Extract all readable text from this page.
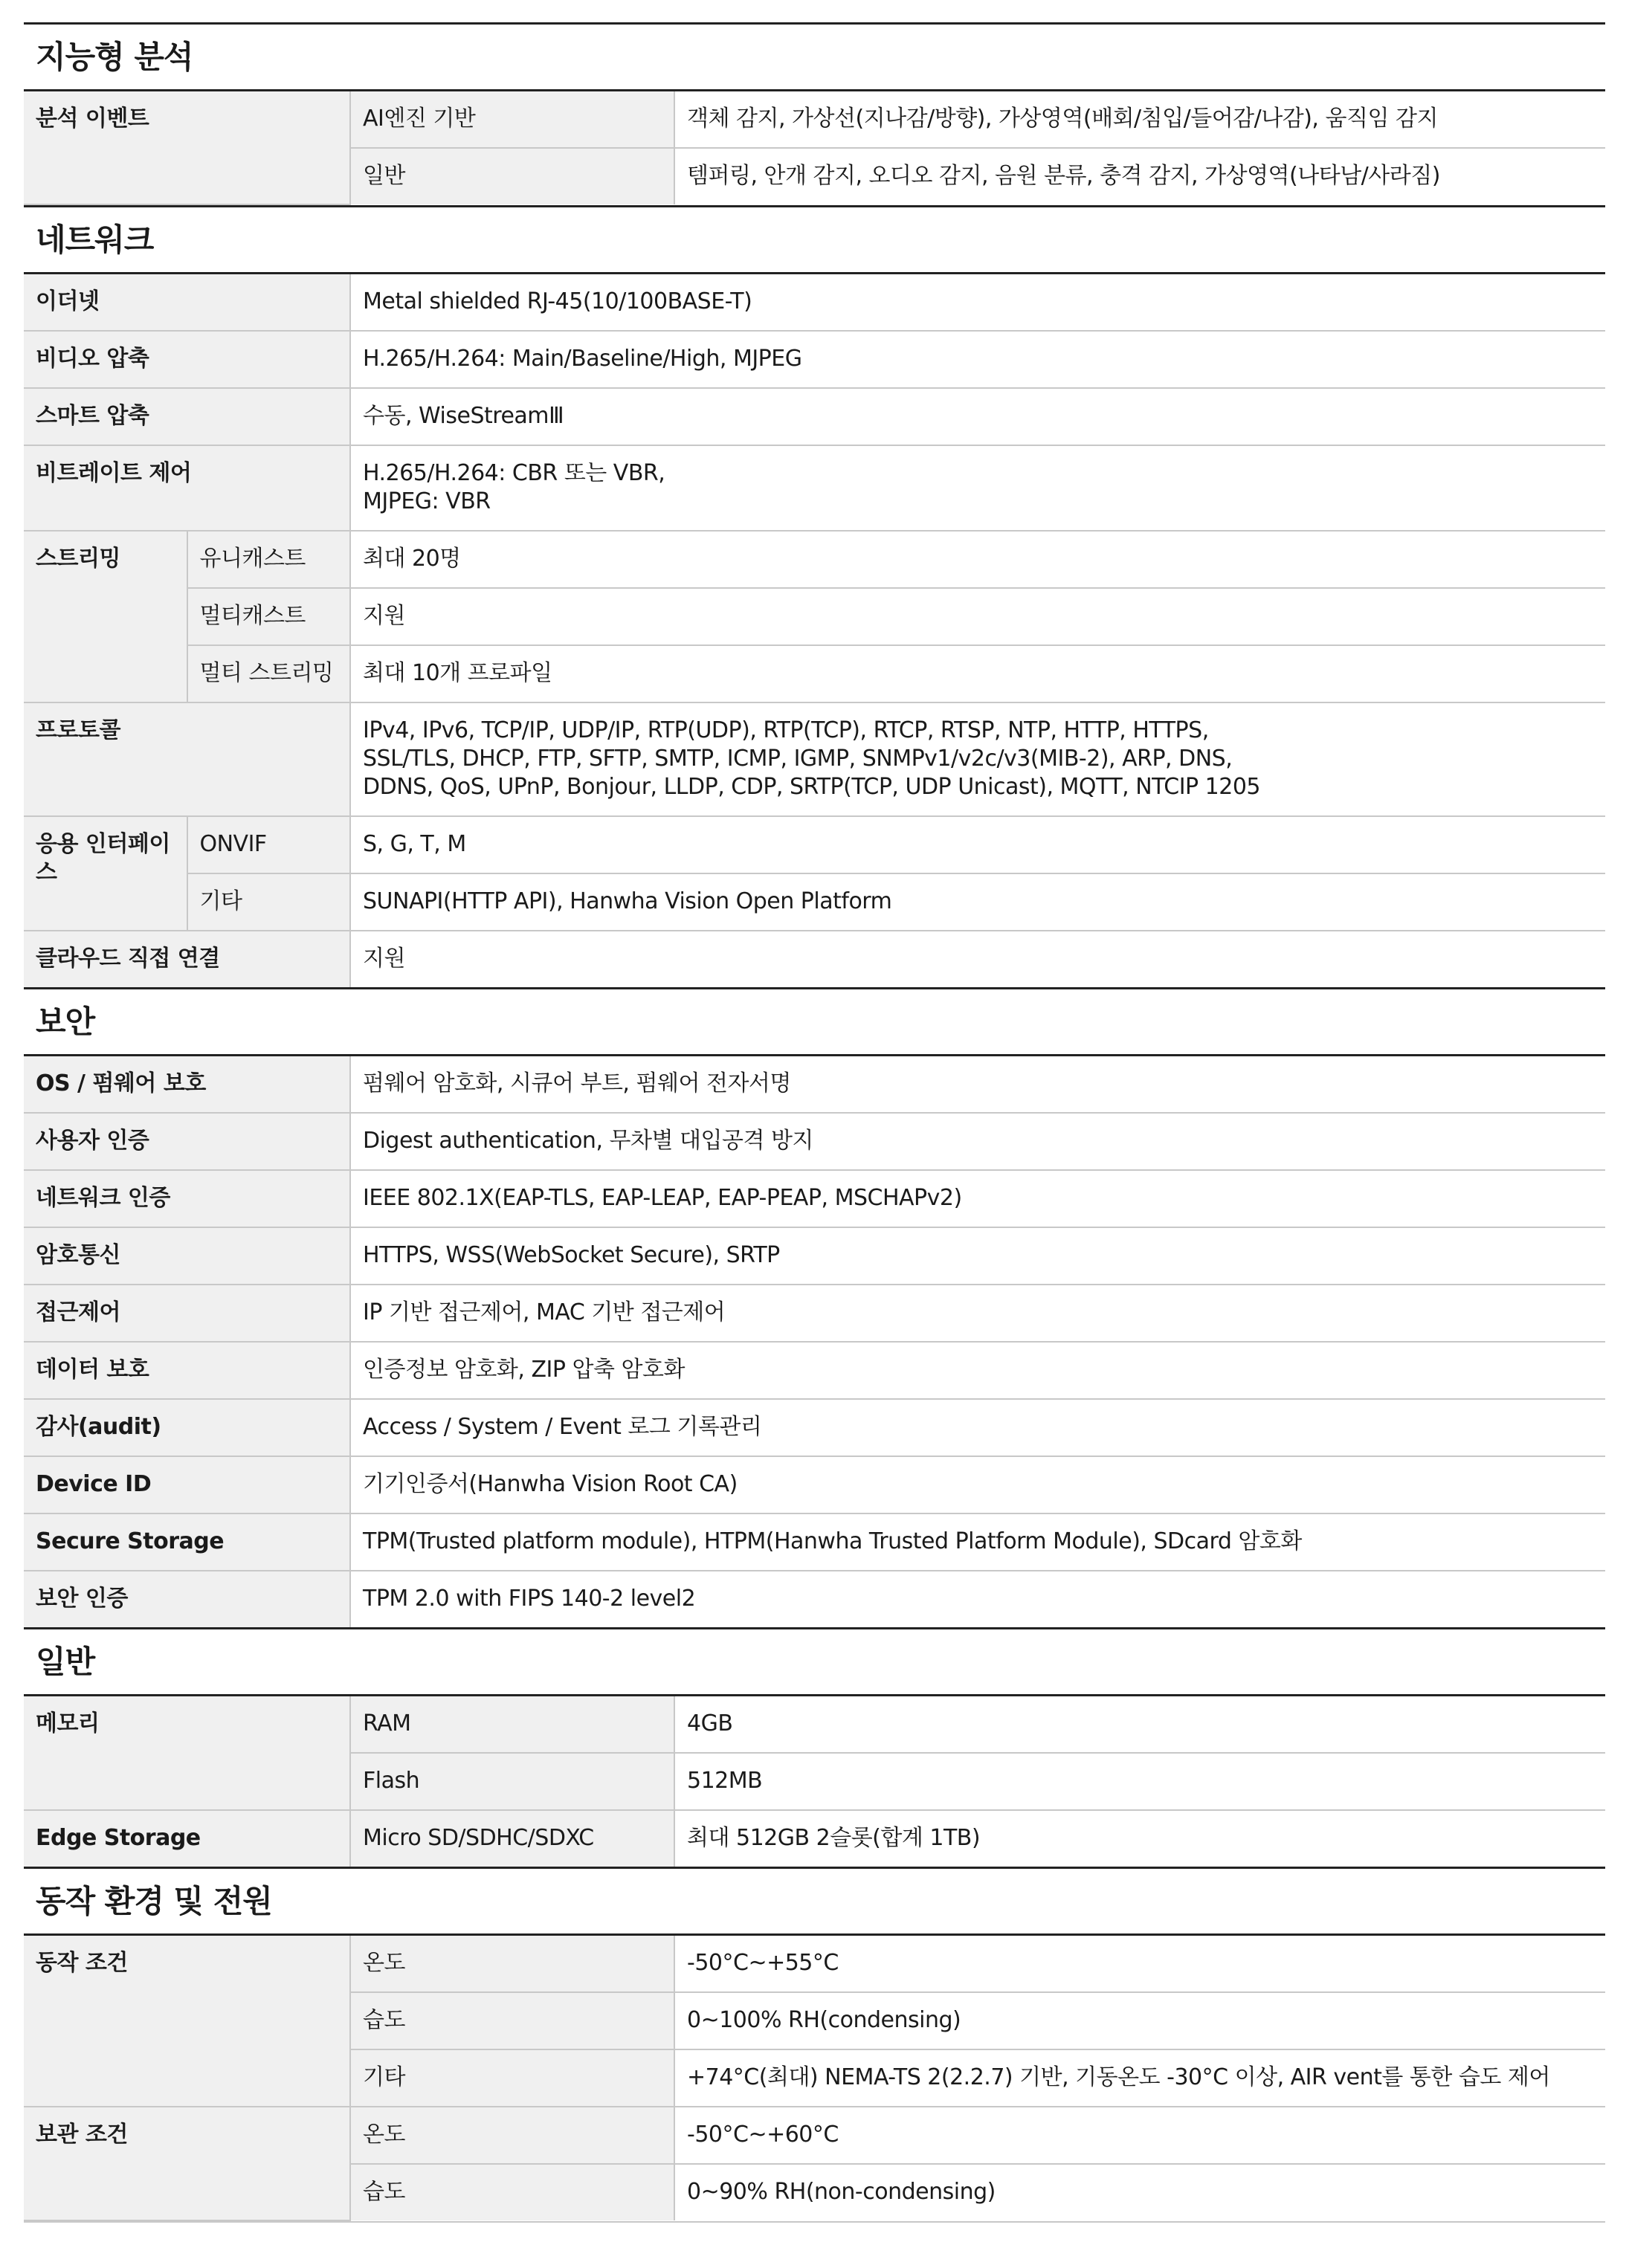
지능형 분석
분석 이벤트	AI엔진 기반	객체 감지, 가상선(지나감/방향), 가상영역(배회/침입/들어감/나감), 움직임 감지
	일반	템퍼링, 안개 감지, 오디오 감지, 음원 분류, 충격 감지, 가상영역(나타남/사라짐)
네트워크
이더넷		Metal shielded RJ-45(10/100BASE-T)
비디오 압축		H.265/H.264: Main/Baseline/High, MJPEG
스마트 압축		수동, WiseStreamⅢ
비트레이트 제어		H.265/H.264: CBR 또는 VBR,
MJPEG: VBR
스트리밍	유니캐스트	최대 20명
	멀티캐스트	지원
	멀티 스트리밍	최대 10개 프로파일
프로토콜		IPv4, IPv6, TCP/IP, UDP/IP, RTP(UDP), RTP(TCP), RTCP, RTSP, NTP, HTTP, HTTPS,
SSL/TLS, DHCP, FTP, SFTP, SMTP, ICMP, IGMP, SNMPv1/v2c/v3(MIB-2), ARP, DNS,
DDNS, QoS, UPnP, Bonjour, LLDP, CDP, SRTP(TCP, UDP Unicast), MQTT, NTCIP 1205
응용 인터페이스	ONVIF	S, G, T, M
	기타	SUNAPI(HTTP API), Hanwha Vision Open Platform
클라우드 직접 연결		지원
보안
OS / 펌웨어 보호	펌웨어 암호화, 시큐어 부트, 펌웨어 전자서명
사용자 인증	Digest authentication, 무차별 대입공격 방지
네트워크 인증	IEEE 802.1X(EAP-TLS, EAP-LEAP, EAP-PEAP, MSCHAPv2)
암호통신	HTTPS, WSS(WebSocket Secure), SRTP
접근제어	IP 기반 접근제어, MAC 기반 접근제어
데이터 보호	인증정보 암호화, ZIP 압축 암호화
감사(audit)	Access / System / Event 로그 기록관리
Device ID	기기인증서(Hanwha Vision Root CA)
Secure Storage	TPM(Trusted platform module), HTPM(Hanwha Trusted Platform Module), SDcard 암호화
보안 인증	TPM 2.0 with FIPS 140-2 level2
일반
메모리	RAM	4GB
	Flash	512MB
Edge Storage	Micro SD/SDHC/SDXC	최대 512GB 2슬롯(합계 1TB)
동작 환경 및 전원
동작 조건	온도	-50°C~+55°C
	습도	0~100% RH(condensing)
	기타	+74°C(최대) NEMA-TS 2(2.2.7) 기반, 기동온도 -30°C 이상, AIR vent를 통한 습도 제어
보관 조건	온도	-50°C~+60°C
	습도	0~90% RH(non-condensing)
